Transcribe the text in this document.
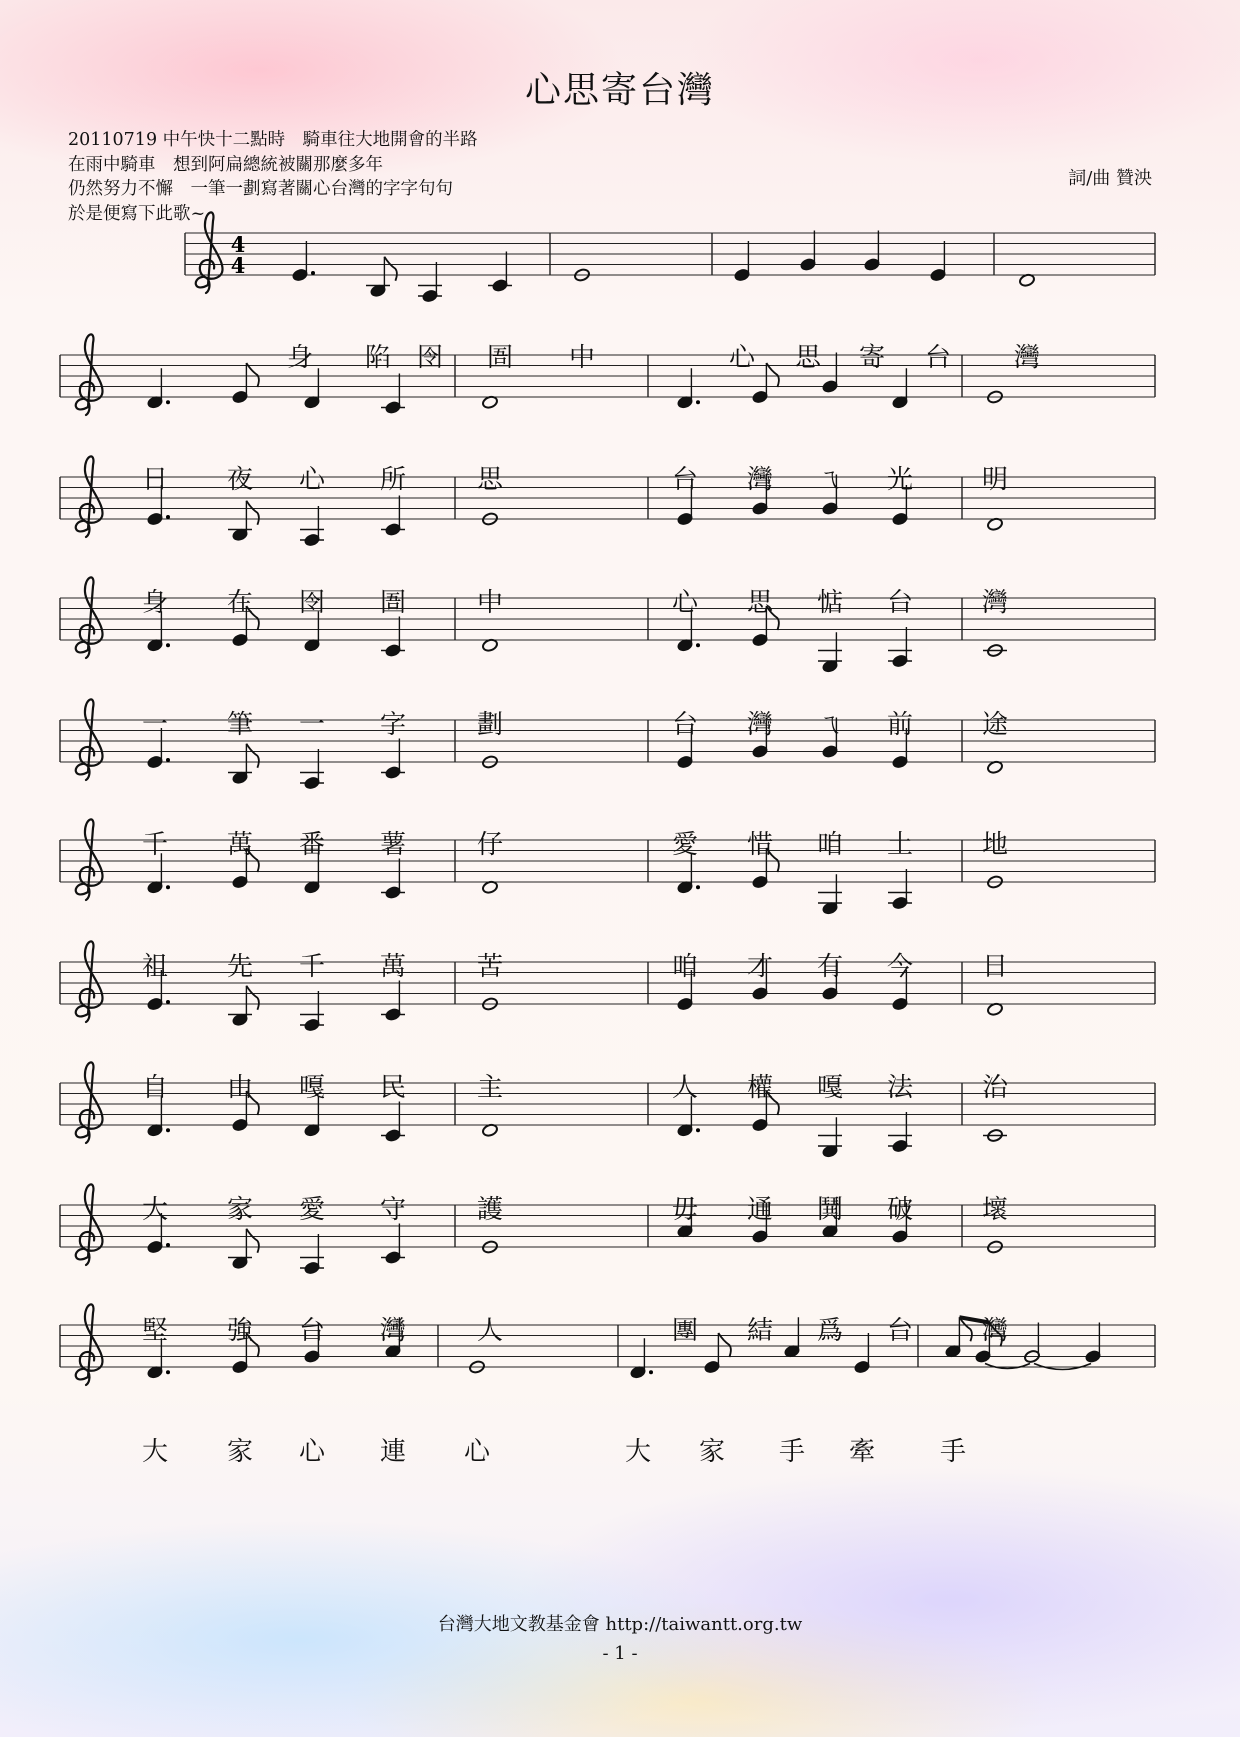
心思寄台灣
20110719 中午快十二點時　騎車往大地開會的半路
在雨中騎車　想到阿扁總統被關那麼多年
仍然努力不懈　一筆一劃寫著關心台灣的字字句句
於是便寫下此歌~
詞/曲 贊泱
4
4
身 陷 囹 圄 中	心 思 寄 台 灣
日 夜 心 所	思	台 灣 ㄟ 光	明
身 在 囹 圄	中	心 思 惦 台	灣
一 筆 一 字	劃	台 灣 ㄟ 前	途
千 萬 番 薯	仔	愛 惜 咱 土	地
祖 先 千 萬	苦	咱 才 有 今	日
自 由 嘎 民	主	人 權 嘎 法	治
大 家 愛 守	護	毋 通 鬨 破	壞
堅 強 台 灣	人	團 結 爲 台	灣
大 家 心 連 心	大 家 手 牽 手
台灣大地文教基金會 http://taiwantt.org.tw
- 1 -
